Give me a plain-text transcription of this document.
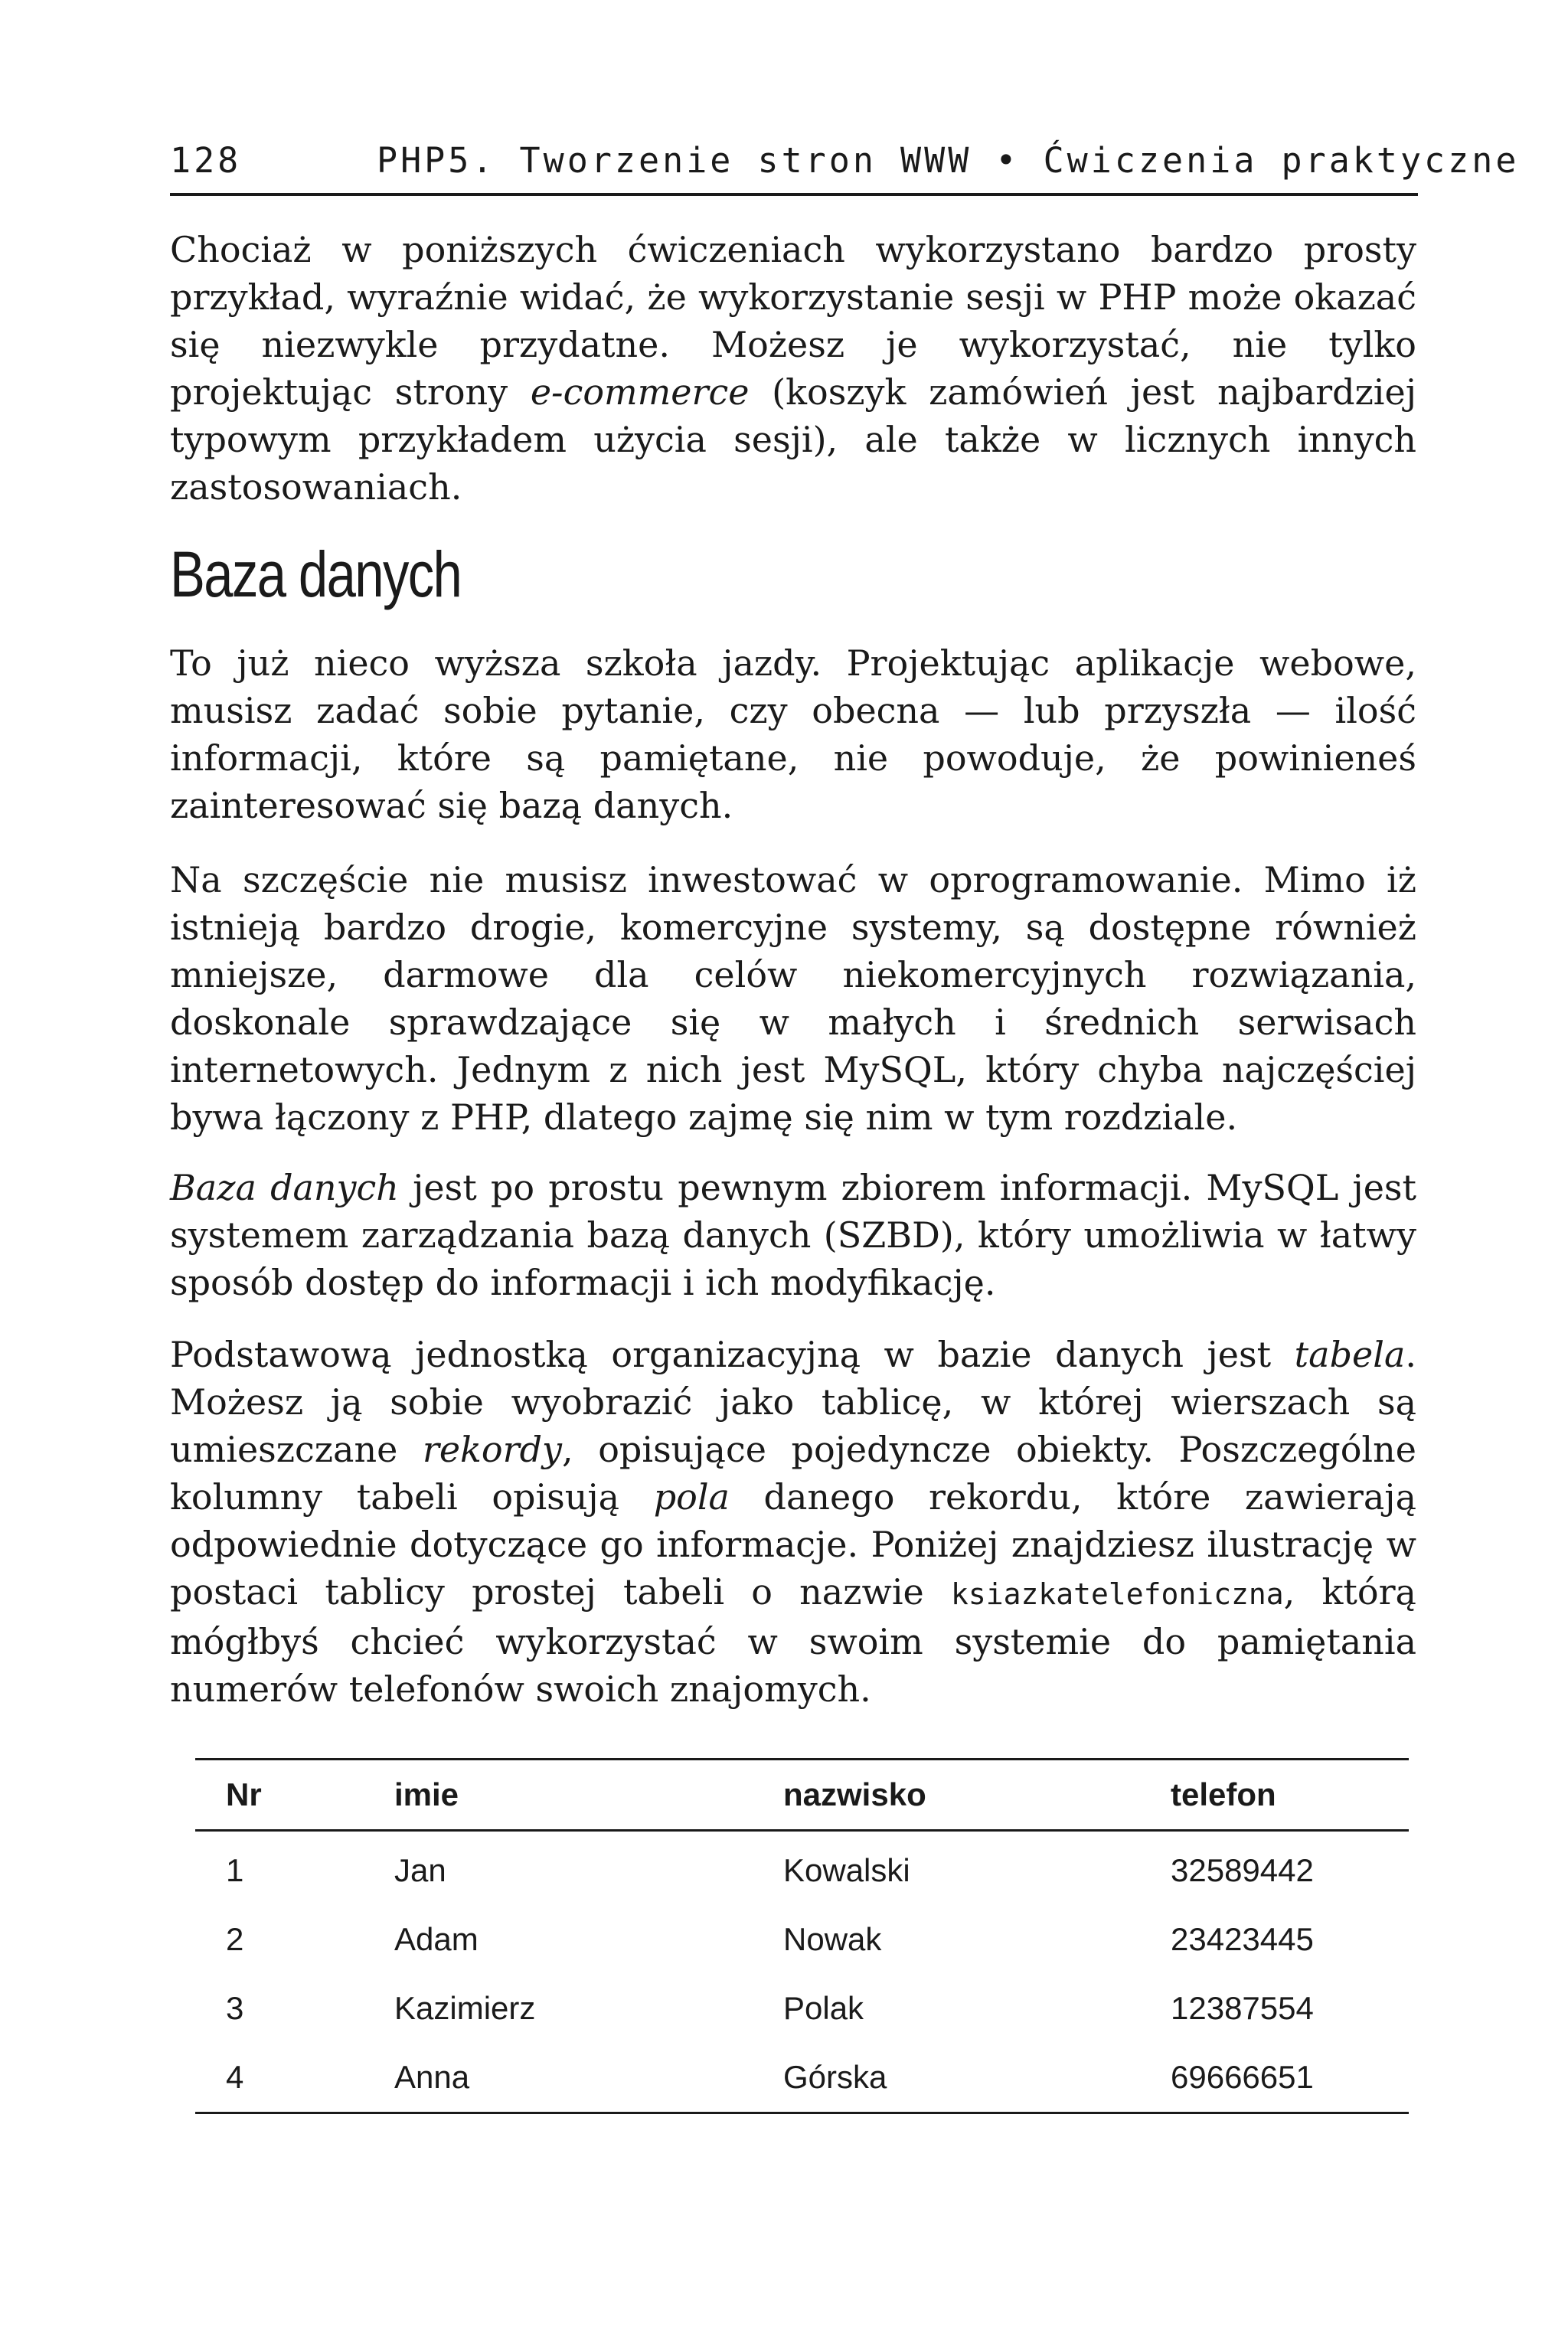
128	PHP5. Tworzenie stron WWW • Ćwiczenia praktyczne

Chociaż w poniższych ćwiczeniach wykorzystano bardzo prosty przykład, wyraźnie widać, że wykorzystanie sesji w PHP może okazać się niezwykle przydatne. Możesz je wykorzystać, nie tylko projektując strony e-commerce (koszyk zamówień jest najbardziej typowym przykładem użycia sesji), ale także w licznych innych zastosowaniach.

Baza danych

To już nieco wyższa szkoła jazdy. Projektując aplikacje webowe, musisz zadać sobie pytanie, czy obecna — lub przyszła — ilość informacji, które są pamiętane, nie powoduje, że powinieneś zainteresować się bazą danych.

Na szczęście nie musisz inwestować w oprogramowanie. Mimo iż istnieją bardzo drogie, komercyjne systemy, są dostępne również mniejsze, darmowe dla celów niekomercyjnych rozwiązania, doskonale sprawdzające się w małych i średnich serwisach internetowych. Jednym z nich jest MySQL, który chyba najczęściej bywa łączony z PHP, dlatego zajmę się nim w tym rozdziale.

Baza danych jest po prostu pewnym zbiorem informacji. MySQL jest systemem zarządzania bazą danych (SZBD), który umożliwia w łatwy sposób dostęp do informacji i ich modyfikację.

Podstawową jednostką organizacyjną w bazie danych jest tabela. Możesz ją sobie wyobrazić jako tablicę, w której wierszach są umieszczane rekordy, opisujące pojedyncze obiekty. Poszczególne kolumny tabeli opisują pola danego rekordu, które zawierają odpowiednie dotyczące go informacje. Poniżej znajdziesz ilustrację w postaci tablicy prostej tabeli o nazwie ksiazkatelefoniczna, którą mógłbyś chcieć wykorzystać w swoim systemie do pamiętania numerów telefonów swoich znajomych.

Nr	imie	nazwisko	telefon
1	Jan	Kowalski	32589442
2	Adam	Nowak	23423445
3	Kazimierz	Polak	12387554
4	Anna	Górska	69666651
